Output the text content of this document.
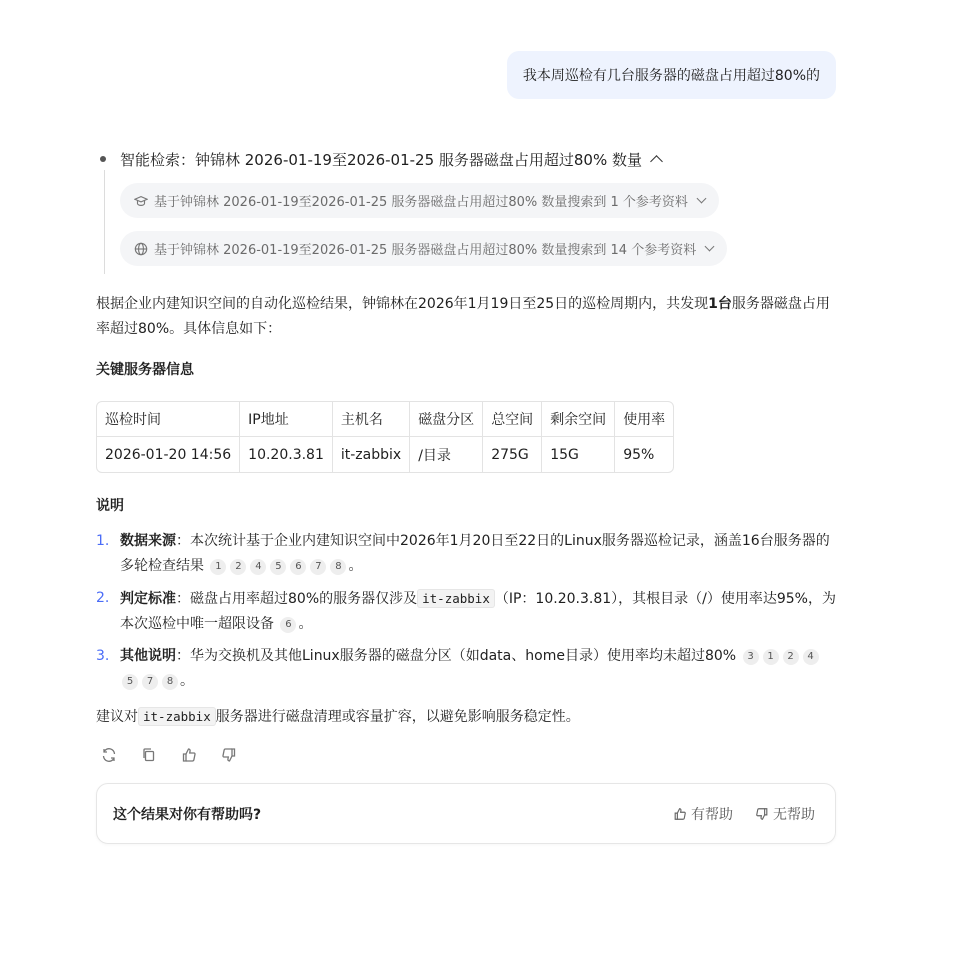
我本周巡检有几台服务器的磁盘占用超过80%的
智能检索：钟锦林 2026-01-19至2026-01-25 服务器磁盘占用超过80% 数量
基于钟锦林 2026-01-19至2026-01-25 服务器磁盘占用超过80% 数量搜索到 1 个参考资料
基于钟锦林 2026-01-19至2026-01-25 服务器磁盘占用超过80% 数量搜索到 14 个参考资料
根据企业内建知识空间的自动化巡检结果，钟锦林在2026年1月19日至25日的巡检周期内，共发现1台服务器磁盘占用率超过80%。具体信息如下：
关键服务器信息
巡检时间	IP地址	主机名	磁盘分区	总空间	剩余空间	使用率
2026-01-20 14:56	10.20.3.81	it-zabbix	/目录	275G	15G	95%
说明
1. 数据来源：本次统计基于企业内建知识空间中2026年1月20日至22日的Linux服务器巡检记录，涵盖16台服务器的多轮检查结果 1 2 4 5 6 7 8 。
2. 判定标准：磁盘占用率超过80%的服务器仅涉及 it-zabbix （IP：10.20.3.81），其根目录（/）使用率达95%，为本次巡检中唯一超限设备 6 。
3. 其他说明：华为交换机及其他Linux服务器的磁盘分区（如data、home目录）使用率均未超过80% 3 1 2 45 7 8 。
建议对 it-zabbix 服务器进行磁盘清理或容量扩容，以避免影响服务稳定性。
这个结果对你有帮助吗?	有帮助	无帮助
